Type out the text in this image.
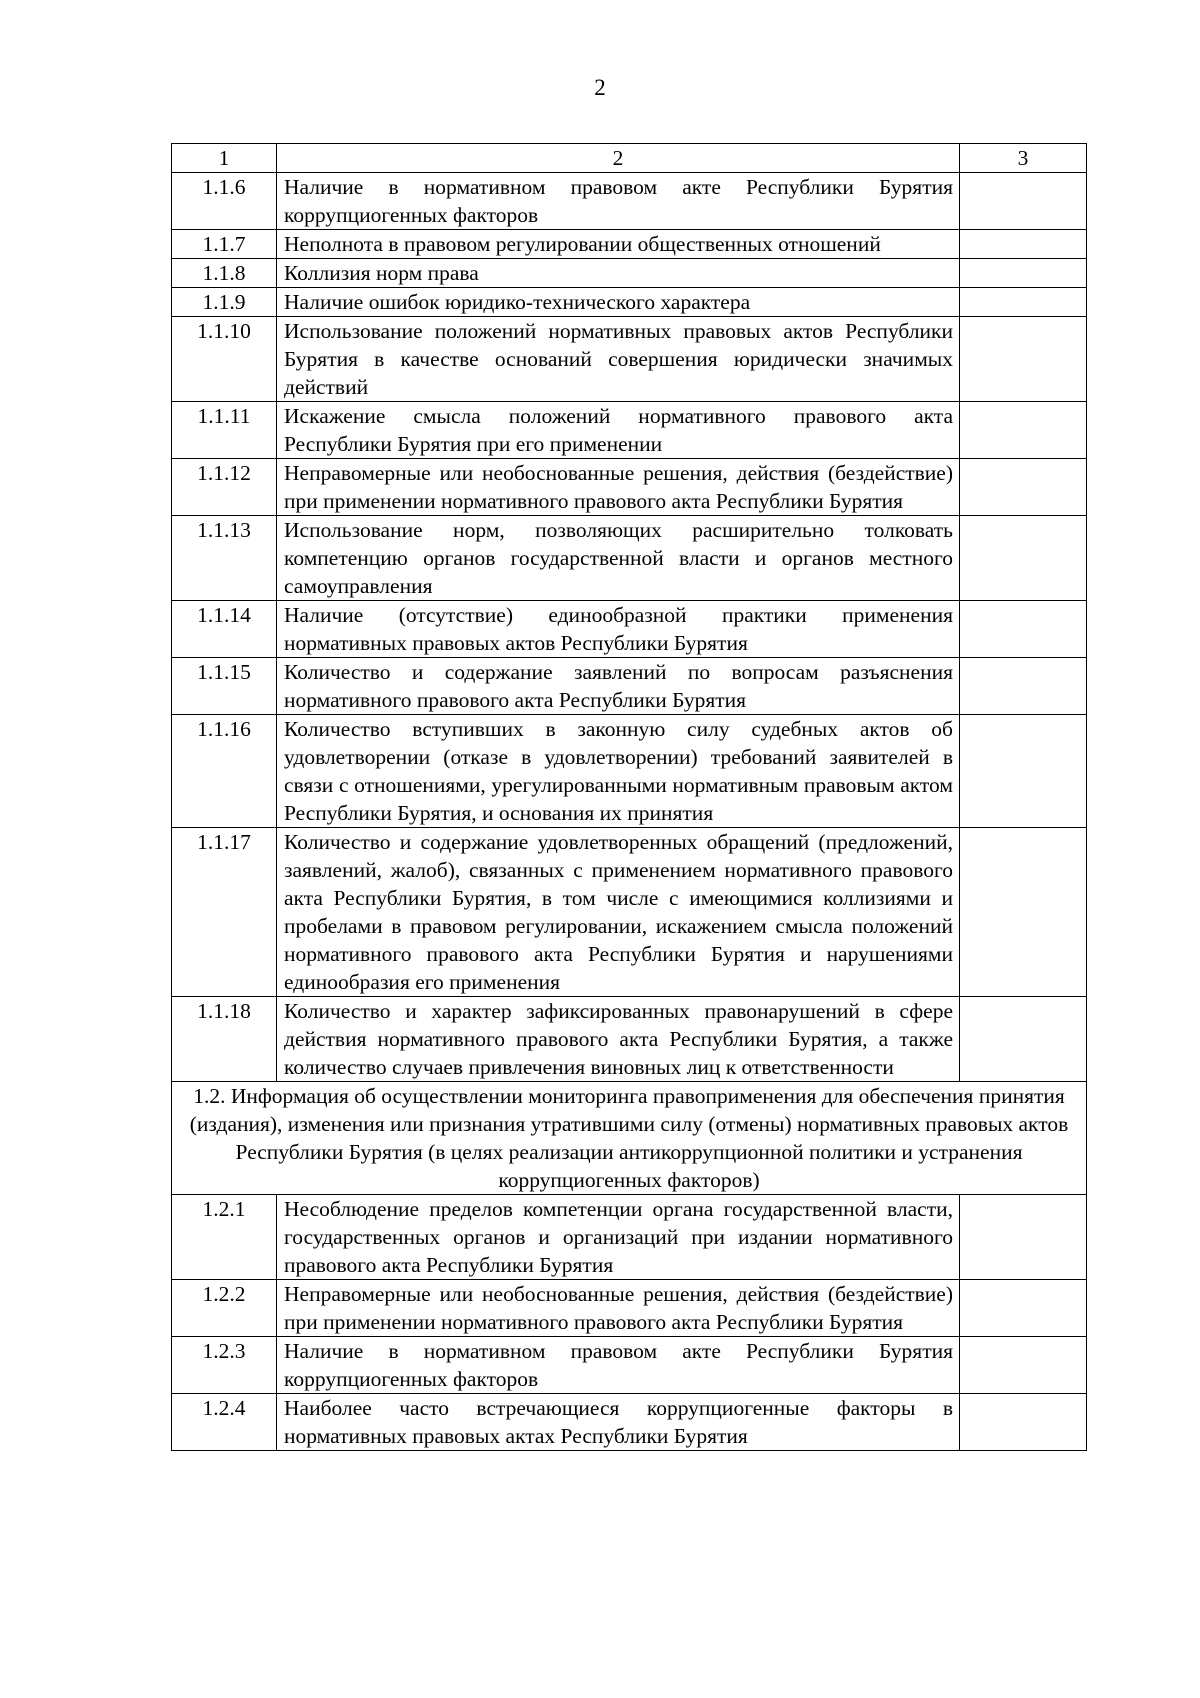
2
1	2	3
1.1.6	Наличие в нормативном правовом акте Республики Бурятия коррупциогенных факторов	
1.1.7	Неполнота в правовом регулировании общественных отношений	
1.1.8	Коллизия норм права	
1.1.9	Наличие ошибок юридико-технического характера	
1.1.10	Использование положений нормативных правовых актов Республики Бурятия в качестве оснований совершения юридически значимых действий	
1.1.11	Искажение смысла положений нормативного правового акта Республики Бурятия при его применении	
1.1.12	Неправомерные или необоснованные решения, действия (бездействие) при применении нормативного правового акта Республики Бурятия	
1.1.13	Использование норм, позволяющих расширительно толковать компетенцию органов государственной власти и органов местного самоуправления	
1.1.14	Наличие (отсутствие) единообразной практики применения нормативных правовых актов Республики Бурятия	
1.1.15	Количество и содержание заявлений по вопросам разъяснения нормативного правового акта Республики Бурятия	
1.1.16	Количество вступивших в законную силу судебных актов об удовлетворении (отказе в удовлетворении) требований заявителей в связи с отношениями, урегулированными нормативным правовым актом Республики Бурятия, и основания их принятия	
1.1.17	Количество и содержание удовлетворенных обращений (предложений, заявлений, жалоб), связанных с применением нормативного правового акта Республики Бурятия, в том числе с имеющимися коллизиями и пробелами в правовом регулировании, искажением смысла положений нормативного правового акта Республики Бурятия и нарушениями единообразия его применения	
1.1.18	Количество и характер зафиксированных правонарушений в сфере действия нормативного правового акта Республики Бурятия, а также количество случаев привлечения виновных лиц к ответственности	
1.2. Информация об осуществлении мониторинга правоприменения для обеспечения принятия (издания), изменения или признания утратившими силу (отмены) нормативных правовых актов Республики Бурятия (в целях реализации антикоррупционной политики и устранения коррупциогенных факторов)		
1.2.1	Несоблюдение пределов компетенции органа государственной власти, государственных органов и организаций при издании нормативного правового акта Республики Бурятия	
1.2.2	Неправомерные или необоснованные решения, действия (бездействие) при применении нормативного правового акта Республики Бурятия	
1.2.3	Наличие в нормативном правовом акте Республики Бурятия коррупциогенных факторов	
1.2.4	Наиболее часто встречающиеся коррупциогенные факторы в нормативных правовых актах Республики Бурятия	
